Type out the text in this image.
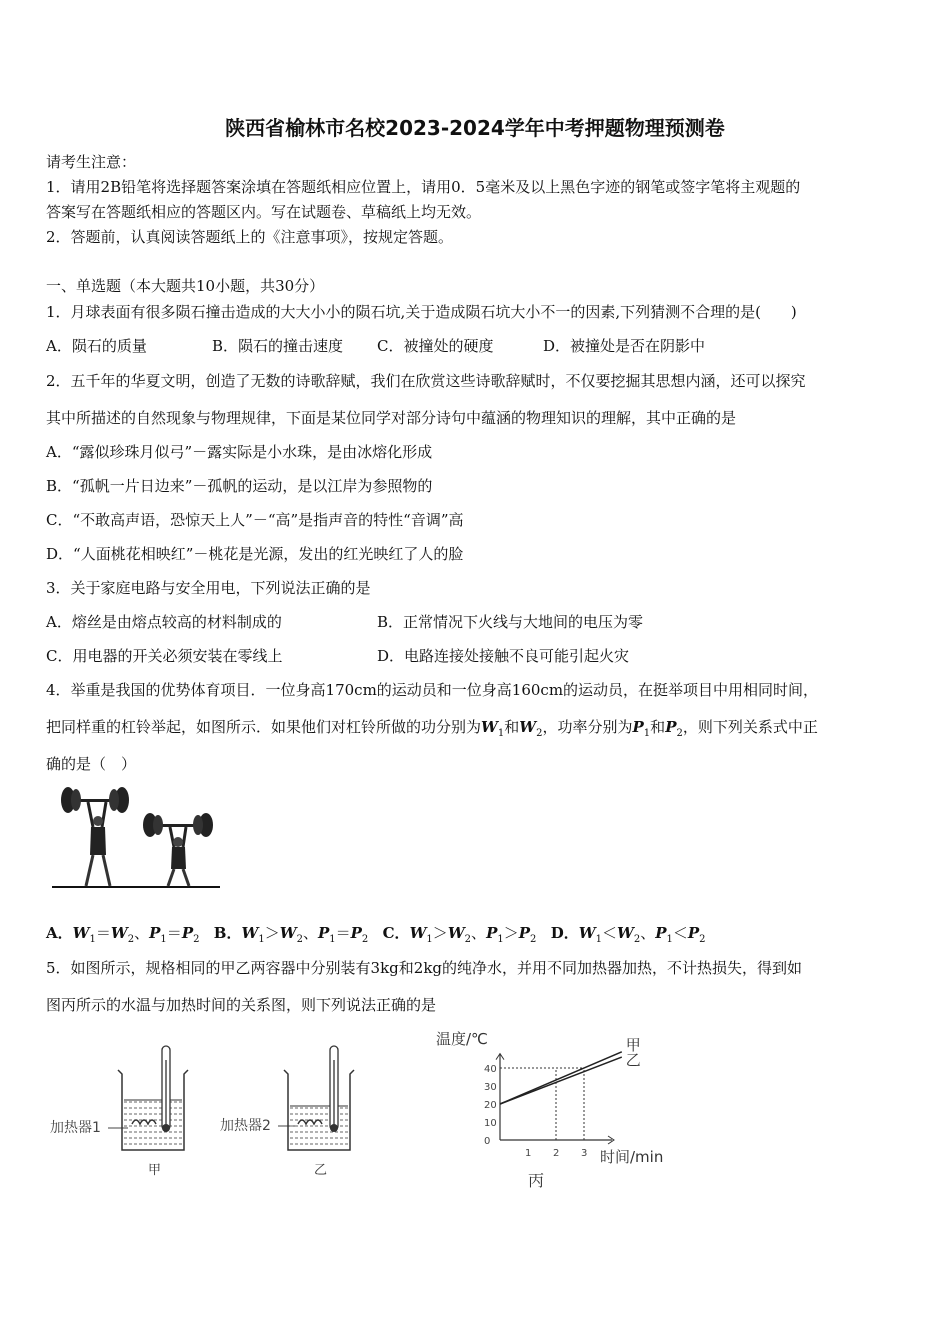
陕西省榆林市名校2023-2024学年中考押题物理预测卷
请考生注意：
1．请用2B铅笔将选择题答案涂填在答题纸相应位置上，请用0．5毫米及以上黑色字迹的钢笔或签字笔将主观题的
答案写在答题纸相应的答题区内。写在试题卷、草稿纸上均无效。
2．答题前，认真阅读答题纸上的《注意事项》，按规定答题。
一、单选题（本大题共10小题，共30分）
1．月球表面有很多陨石撞击造成的大大小小的陨石坑,关于造成陨石坑大小不一的因素,下列猜测不合理的是(　　)
A．陨石的质量	B．陨石的撞击速度 C．被撞处的硬度	D．被撞处是否在阴影中
2．五千年的华夏文明，创造了无数的诗歌辞赋，我们在欣赏这些诗歌辞赋时，不仅要挖掘其思想内涵，还可以探究
其中所描述的自然现象与物理规律，下面是某位同学对部分诗句中蕴涵的物理知识的理解，其中正确的是
A．“露似珍珠月似弓”－露实际是小水珠，是由冰熔化形成
B．“孤帆一片日边来”－孤帆的运动，是以江岸为参照物的
C．“不敢高声语，恐惊天上人”－“高”是指声音的特性“音调”高
D．“人面桃花相映红”－桃花是光源，发出的红光映红了人的脸
3．关于家庭电路与安全用电，下列说法正确的是
A．熔丝是由熔点较高的材料制成的	B．正常情况下火线与大地间的电压为零
C．用电器的开关必须安装在零线上	D．电路连接处接触不良可能引起火灾
4．举重是我国的优势体育项目．一位身高170cm的运动员和一位身高160cm的运动员，在挺举项目中用相同时间，
把同样重的杠铃举起，如图所示．如果他们对杠铃所做的功分别为$W_1$和$W_2$，功率分别为$P_1$和$P_2$，则下列关系式中正
确的是（　）
A．$W_1=W_2$、$P_1=P_2$ B．$W_1>W_2$、$P_1=P_2$ C．$W_1>W_2$、$P_1>P_2$ D．$W_1<W_2$、$P_1<P_2$
5．如图所示，规格相同的甲乙两容器中分别装有3kg和2kg的纯净水，并用不同加热器加热，不计热损失，得到如
图丙所示的水温与加热时间的关系图，则下列说法正确的是
加热器1
甲
加热器2
乙
温度/℃
时间/min
丙
0
10
20
30
40
1 2 3
甲
乙
